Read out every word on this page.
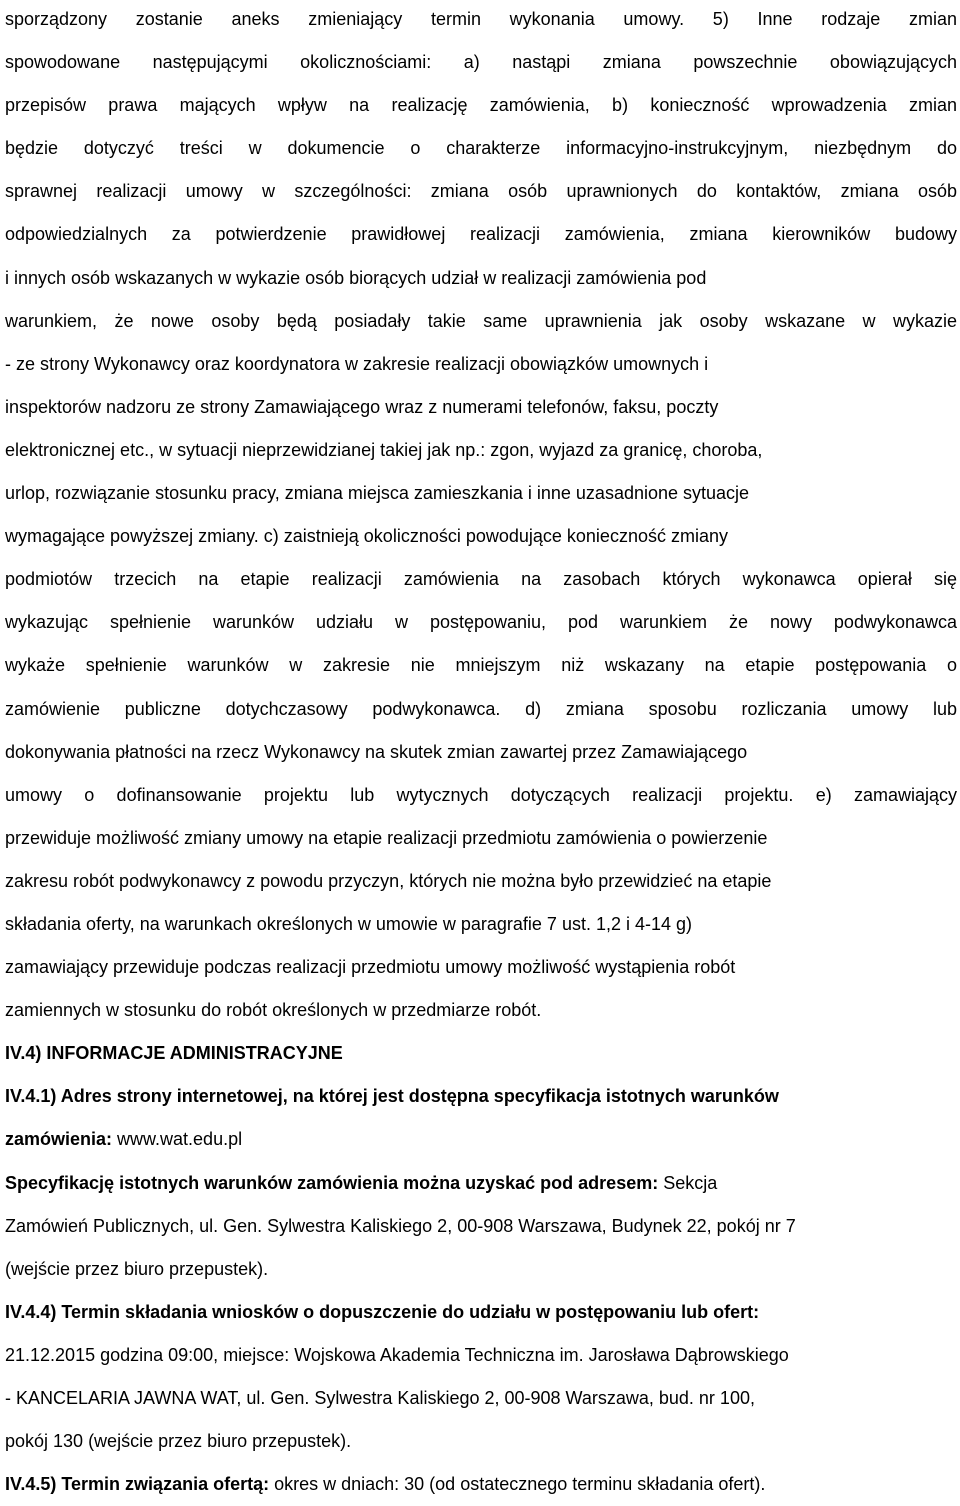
sporządzony zostanie aneks zmieniający termin wykonania umowy. 5) Inne rodzaje zmian
spowodowane następującymi okolicznościami: a) nastąpi zmiana powszechnie obowiązujących
przepisów prawa mających wpływ na realizację zamówienia, b) konieczność wprowadzenia zmian
będzie dotyczyć treści w dokumencie o charakterze informacyjno-instrukcyjnym, niezbędnym do
sprawnej realizacji umowy w szczególności: zmiana osób uprawnionych do kontaktów, zmiana osób
odpowiedzialnych za potwierdzenie prawidłowej realizacji zamówienia, zmiana kierowników budowy
i innych osób wskazanych w wykazie osób biorących udział w realizacji zamówienia pod
warunkiem, że nowe osoby będą posiadały takie same uprawnienia jak osoby wskazane w wykazie
- ze strony Wykonawcy oraz koordynatora w zakresie realizacji obowiązków umownych i
inspektorów nadzoru ze strony Zamawiającego wraz z numerami telefonów, faksu, poczty
elektronicznej etc., w sytuacji nieprzewidzianej takiej jak np.: zgon, wyjazd za granicę, choroba,
urlop, rozwiązanie stosunku pracy, zmiana miejsca zamieszkania i inne uzasadnione sytuacje
wymagające powyższej zmiany. c) zaistnieją okoliczności powodujące konieczność zmiany
podmiotów trzecich na etapie realizacji zamówienia na zasobach których wykonawca opierał się
wykazując spełnienie warunków udziału w postępowaniu, pod warunkiem że nowy podwykonawca
wykaże spełnienie warunków w zakresie nie mniejszym niż wskazany na etapie postępowania o
zamówienie publiczne dotychczasowy podwykonawca. d) zmiana sposobu rozliczania umowy lub
dokonywania płatności na rzecz Wykonawcy na skutek zmian zawartej przez Zamawiającego
umowy o dofinansowanie projektu lub wytycznych dotyczących realizacji projektu. e) zamawiający
przewiduje możliwość zmiany umowy na etapie realizacji przedmiotu zamówienia o powierzenie
zakresu robót podwykonawcy z powodu przyczyn, których nie można było przewidzieć na etapie
składania oferty, na warunkach określonych w umowie w paragrafie 7 ust. 1,2 i 4-14 g)
zamawiający przewiduje podczas realizacji przedmiotu umowy możliwość wystąpienia robót
zamiennych w stosunku do robót określonych w przedmiarze robót.
IV.4) INFORMACJE ADMINISTRACYJNE
IV.4.1) Adres strony internetowej, na której jest dostępna specyfikacja istotnych warunków
zamówienia: www.wat.edu.pl
Specyfikację istotnych warunków zamówienia można uzyskać pod adresem: Sekcja
Zamówień Publicznych, ul. Gen. Sylwestra Kaliskiego 2, 00-908 Warszawa, Budynek 22, pokój nr 7
(wejście przez biuro przepustek).
IV.4.4) Termin składania wniosków o dopuszczenie do udziału w postępowaniu lub ofert:
21.12.2015 godzina 09:00, miejsce: Wojskowa Akademia Techniczna im. Jarosława Dąbrowskiego
- KANCELARIA JAWNA WAT, ul. Gen. Sylwestra Kaliskiego 2, 00-908 Warszawa, bud. nr 100,
pokój 130 (wejście przez biuro przepustek).
IV.4.5) Termin związania ofertą: okres w dniach: 30 (od ostatecznego terminu składania ofert).
